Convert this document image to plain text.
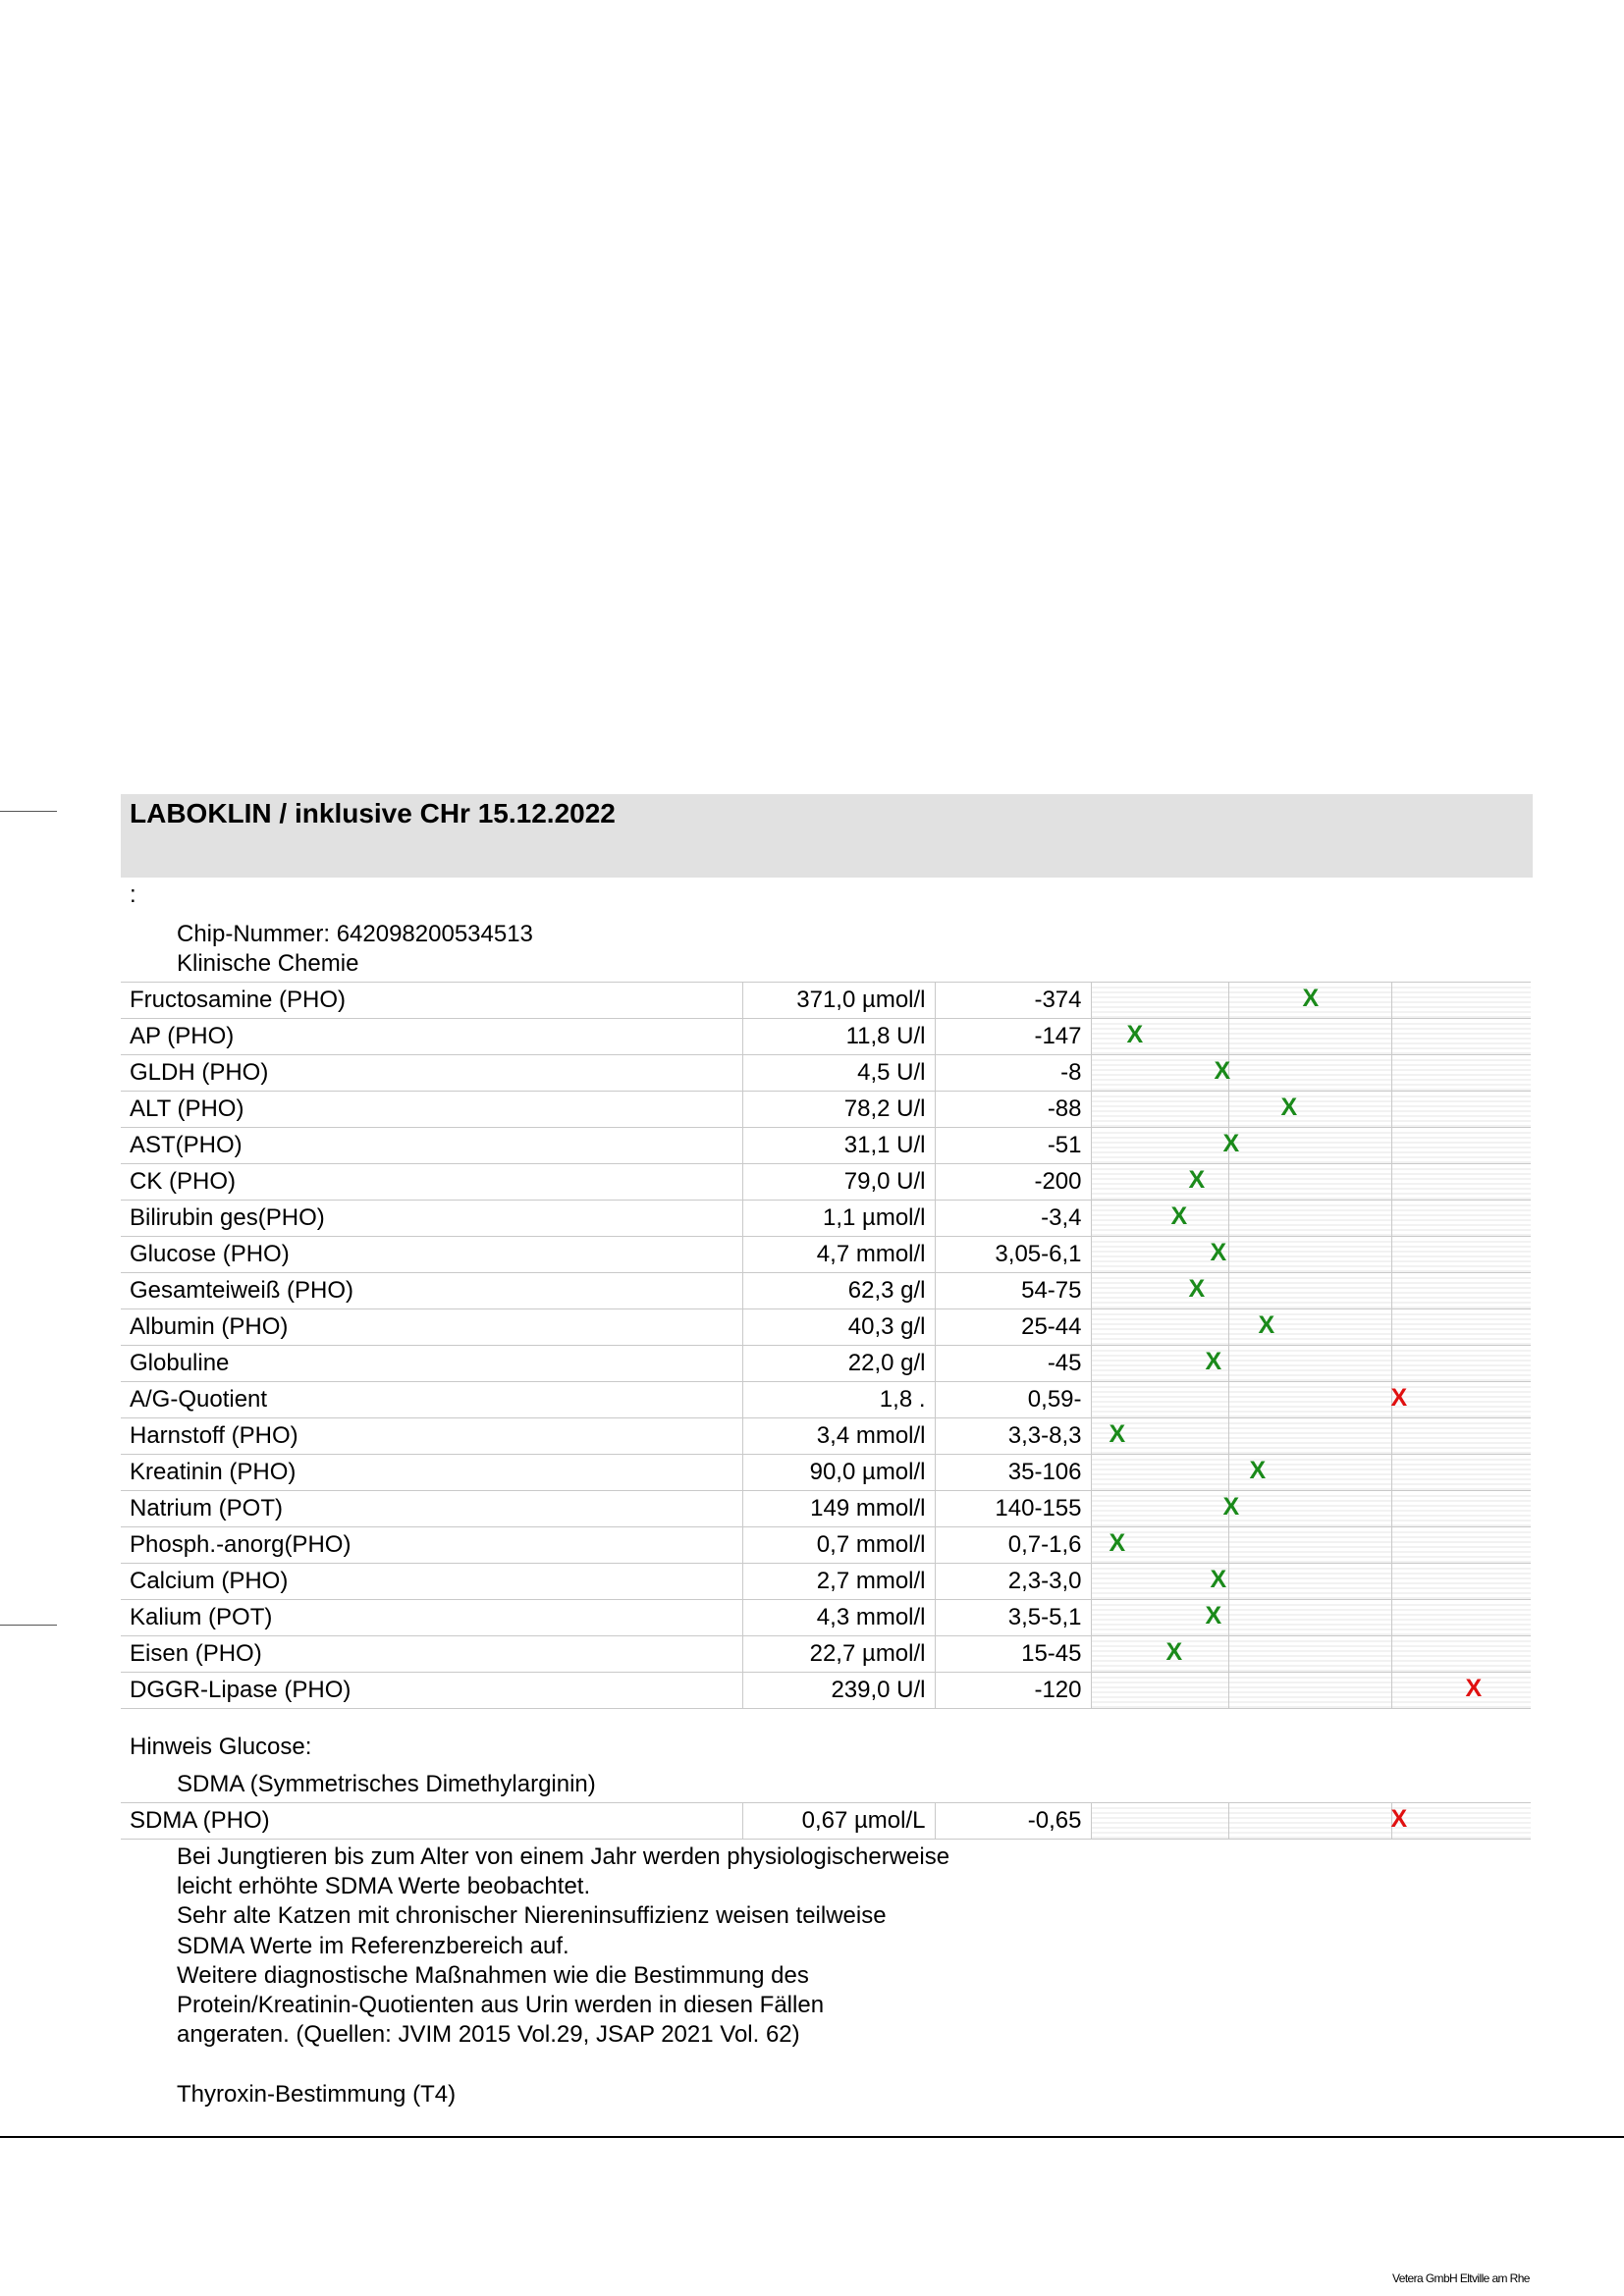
LABOKLIN / inklusive CHr 15.12.2022
:
Chip-Nummer: 642098200534513
Klinische Chemie
Fructosamine (PHO)	371,0 µmol/l	-374	X		

AP (PHO)	11,8 U/l	-147	X		

GLDH (PHO)	4,5 U/l	-8	X		

ALT (PHO)	78,2 U/l	-88	X		

AST(PHO)	31,1 U/l	-51	X		

CK (PHO)	79,0 U/l	-200	X		

Bilirubin ges(PHO)	1,1 µmol/l	-3,4	X		

Glucose (PHO)	4,7 mmol/l	3,05-6,1	X		

Gesamteiweiß (PHO)	62,3 g/l	54-75	X		

Albumin (PHO)	40,3 g/l	25-44	X		

Globuline	22,0 g/l	-45	X		

A/G-Quotient	1,8 .	0,59-	X		

Harnstoff (PHO)	3,4 mmol/l	3,3-8,3	X		

Kreatinin (PHO)	90,0 µmol/l	35-106	X		

Natrium (POT)	149 mmol/l	140-155	X		

Phosph.-anorg(PHO)	0,7 mmol/l	0,7-1,6	X		

Calcium (PHO)	2,7 mmol/l	2,3-3,0	X		

Kalium (POT)	4,3 mmol/l	3,5-5,1	X		

Eisen (PHO)	22,7 µmol/l	15-45	X		

DGGR-Lipase (PHO)	239,0 U/l	-120	X		

Hinweis Glucose:
SDMA (Symmetrisches Dimethylarginin)
SDMA (PHO)	0,67 µmol/L	-0,65	X

Bei Jungtieren bis zum Alter von einem Jahr werden physiologischerweise
leicht erhöhte SDMA Werte beobachtet.
Sehr alte Katzen mit chronischer Niereninsuffizienz weisen teilweise
SDMA Werte im Referenzbereich auf.
Weitere diagnostische Maßnahmen wie die Bestimmung des
Protein/Kreatinin-Quotienten aus Urin werden in diesen Fällen
angeraten. (Quellen: JVIM 2015 Vol.29, JSAP 2021 Vol. 62)
Thyroxin-Bestimmung (T4)
Vetera GmbH Eltville am Rhe
